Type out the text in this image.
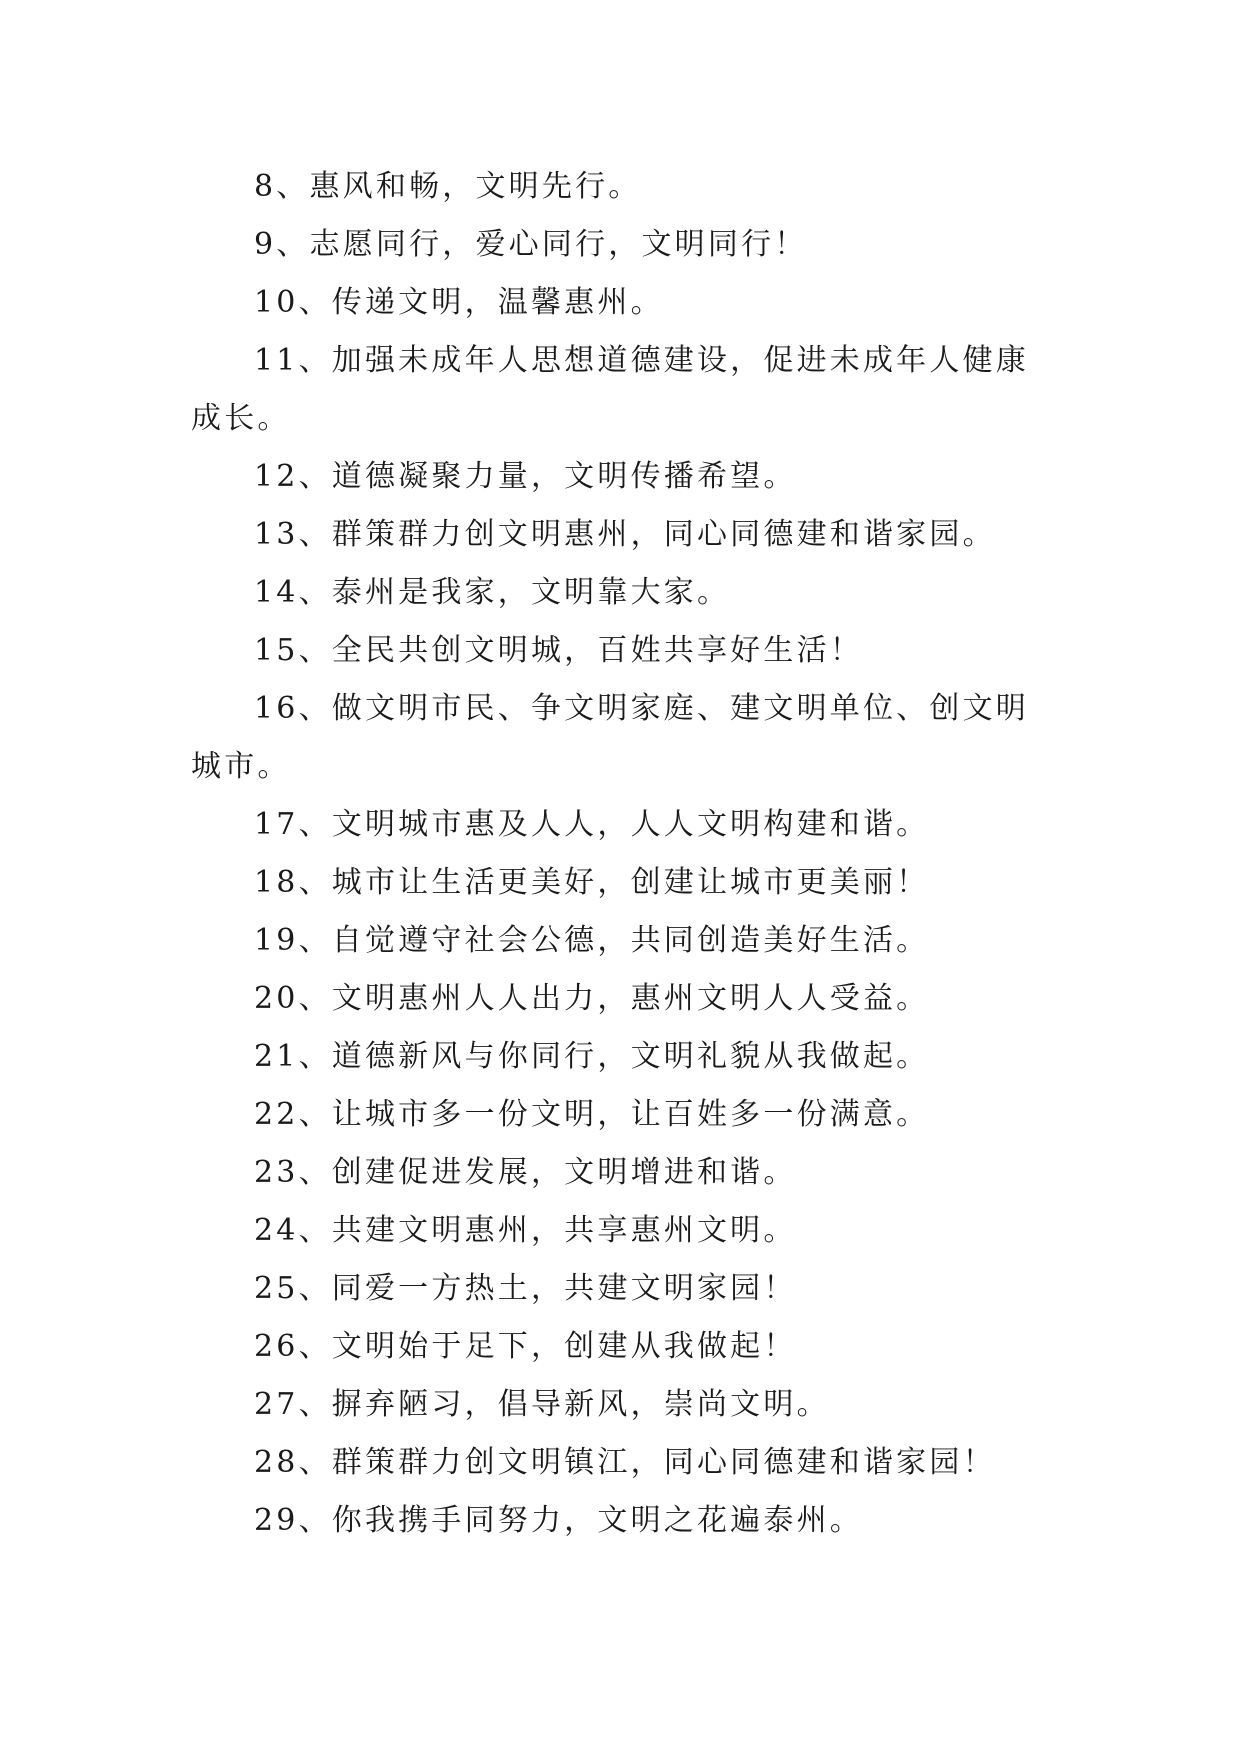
8、惠风和畅，文明先行。

9、志愿同行，爱心同行，文明同行！

10、传递文明，温馨惠州。

11、加强未成年人思想道德建设，促进未成年人健康成长。

12、道德凝聚力量，文明传播希望。

13、群策群力创文明惠州，同心同德建和谐家园。

14、泰州是我家，文明靠大家。

15、全民共创文明城，百姓共享好生活！

16、做文明市民、争文明家庭、建文明单位、创文明城市。

17、文明城市惠及人人，人人文明构建和谐。

18、城市让生活更美好，创建让城市更美丽！

19、自觉遵守社会公德，共同创造美好生活。

20、文明惠州人人出力，惠州文明人人受益。

21、道德新风与你同行，文明礼貌从我做起。

22、让城市多一份文明，让百姓多一份满意。

23、创建促进发展，文明增进和谐。

24、共建文明惠州，共享惠州文明。

25、同爱一方热土，共建文明家园！

26、文明始于足下，创建从我做起！

27、摒弃陋习，倡导新风，崇尚文明。

28、群策群力创文明镇江，同心同德建和谐家园！

29、你我携手同努力，文明之花遍泰州。
